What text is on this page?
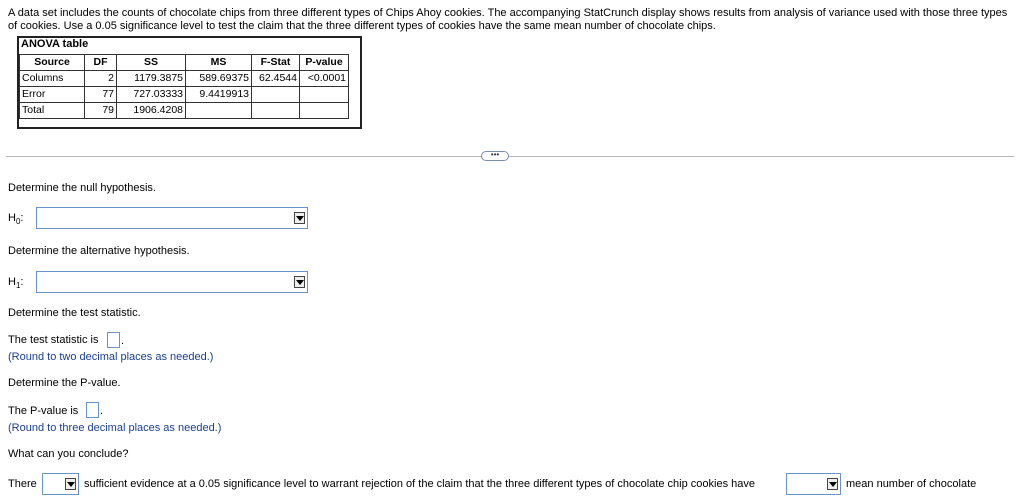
A data set includes the counts of chocolate chips from three different types of Chips Ahoy cookies. The accompanying StatCrunch display shows results from analysis of variance used with those three types of cookies. Use a 0.05 significance level to test the claim that the three different types of cookies have the same mean number of chocolate chips.
ANOVA table
Source	DF	SS	MS	F-Stat	P-value
Columns	2	1179.3875	589.69375	62.4544	<0.0001
Error	77	727.03333	9.4419913		
Total	79	1906.4208			
•••
Determine the null hypothesis.
$H_0$:
Determine the alternative hypothesis.
$H_1$:
Determine the test statistic.
The test statistic is .
(Round to two decimal places as needed.)
Determine the P-value.
The P-value is .
(Round to three decimal places as needed.)
What can you conclude?
There	sufficient evidence at a 0.05 significance level to warrant rejection of the claim that the three different types of chocolate chip cookies have	mean number of chocolate
